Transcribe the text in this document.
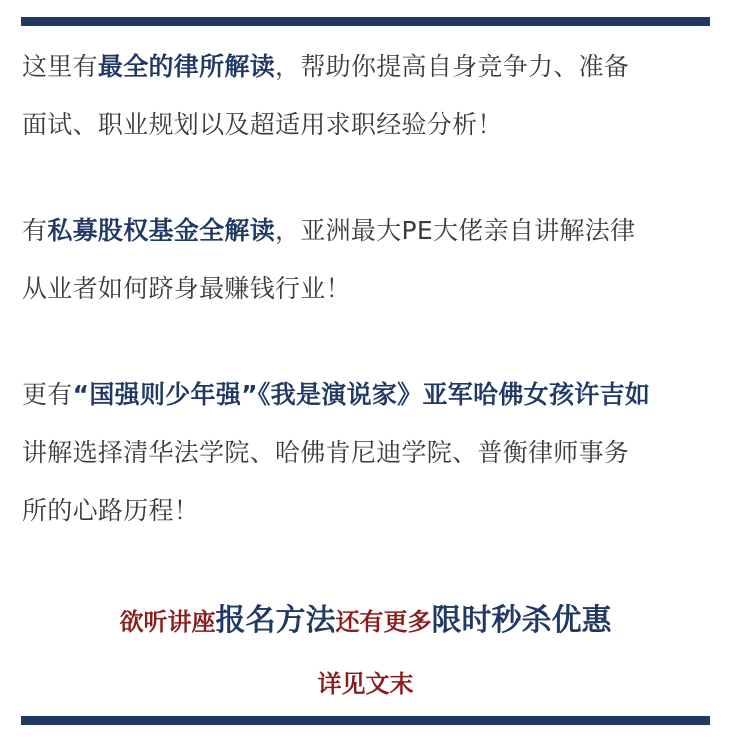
这里有最全的律所解读，帮助你提高自身竞争力、准备
面试、职业规划以及超适用求职经验分析！

有私募股权基金全解读，亚洲最大PE大佬亲自讲解法律
从业者如何跻身最赚钱行业！

更有“国强则少年强”《我是演说家》亚军哈佛女孩许吉如
讲解选择清华法学院、哈佛肯尼迪学院、普衡律师事务
所的心路历程！

欲听讲座报名方法还有更多限时秒杀优惠
详见文末
